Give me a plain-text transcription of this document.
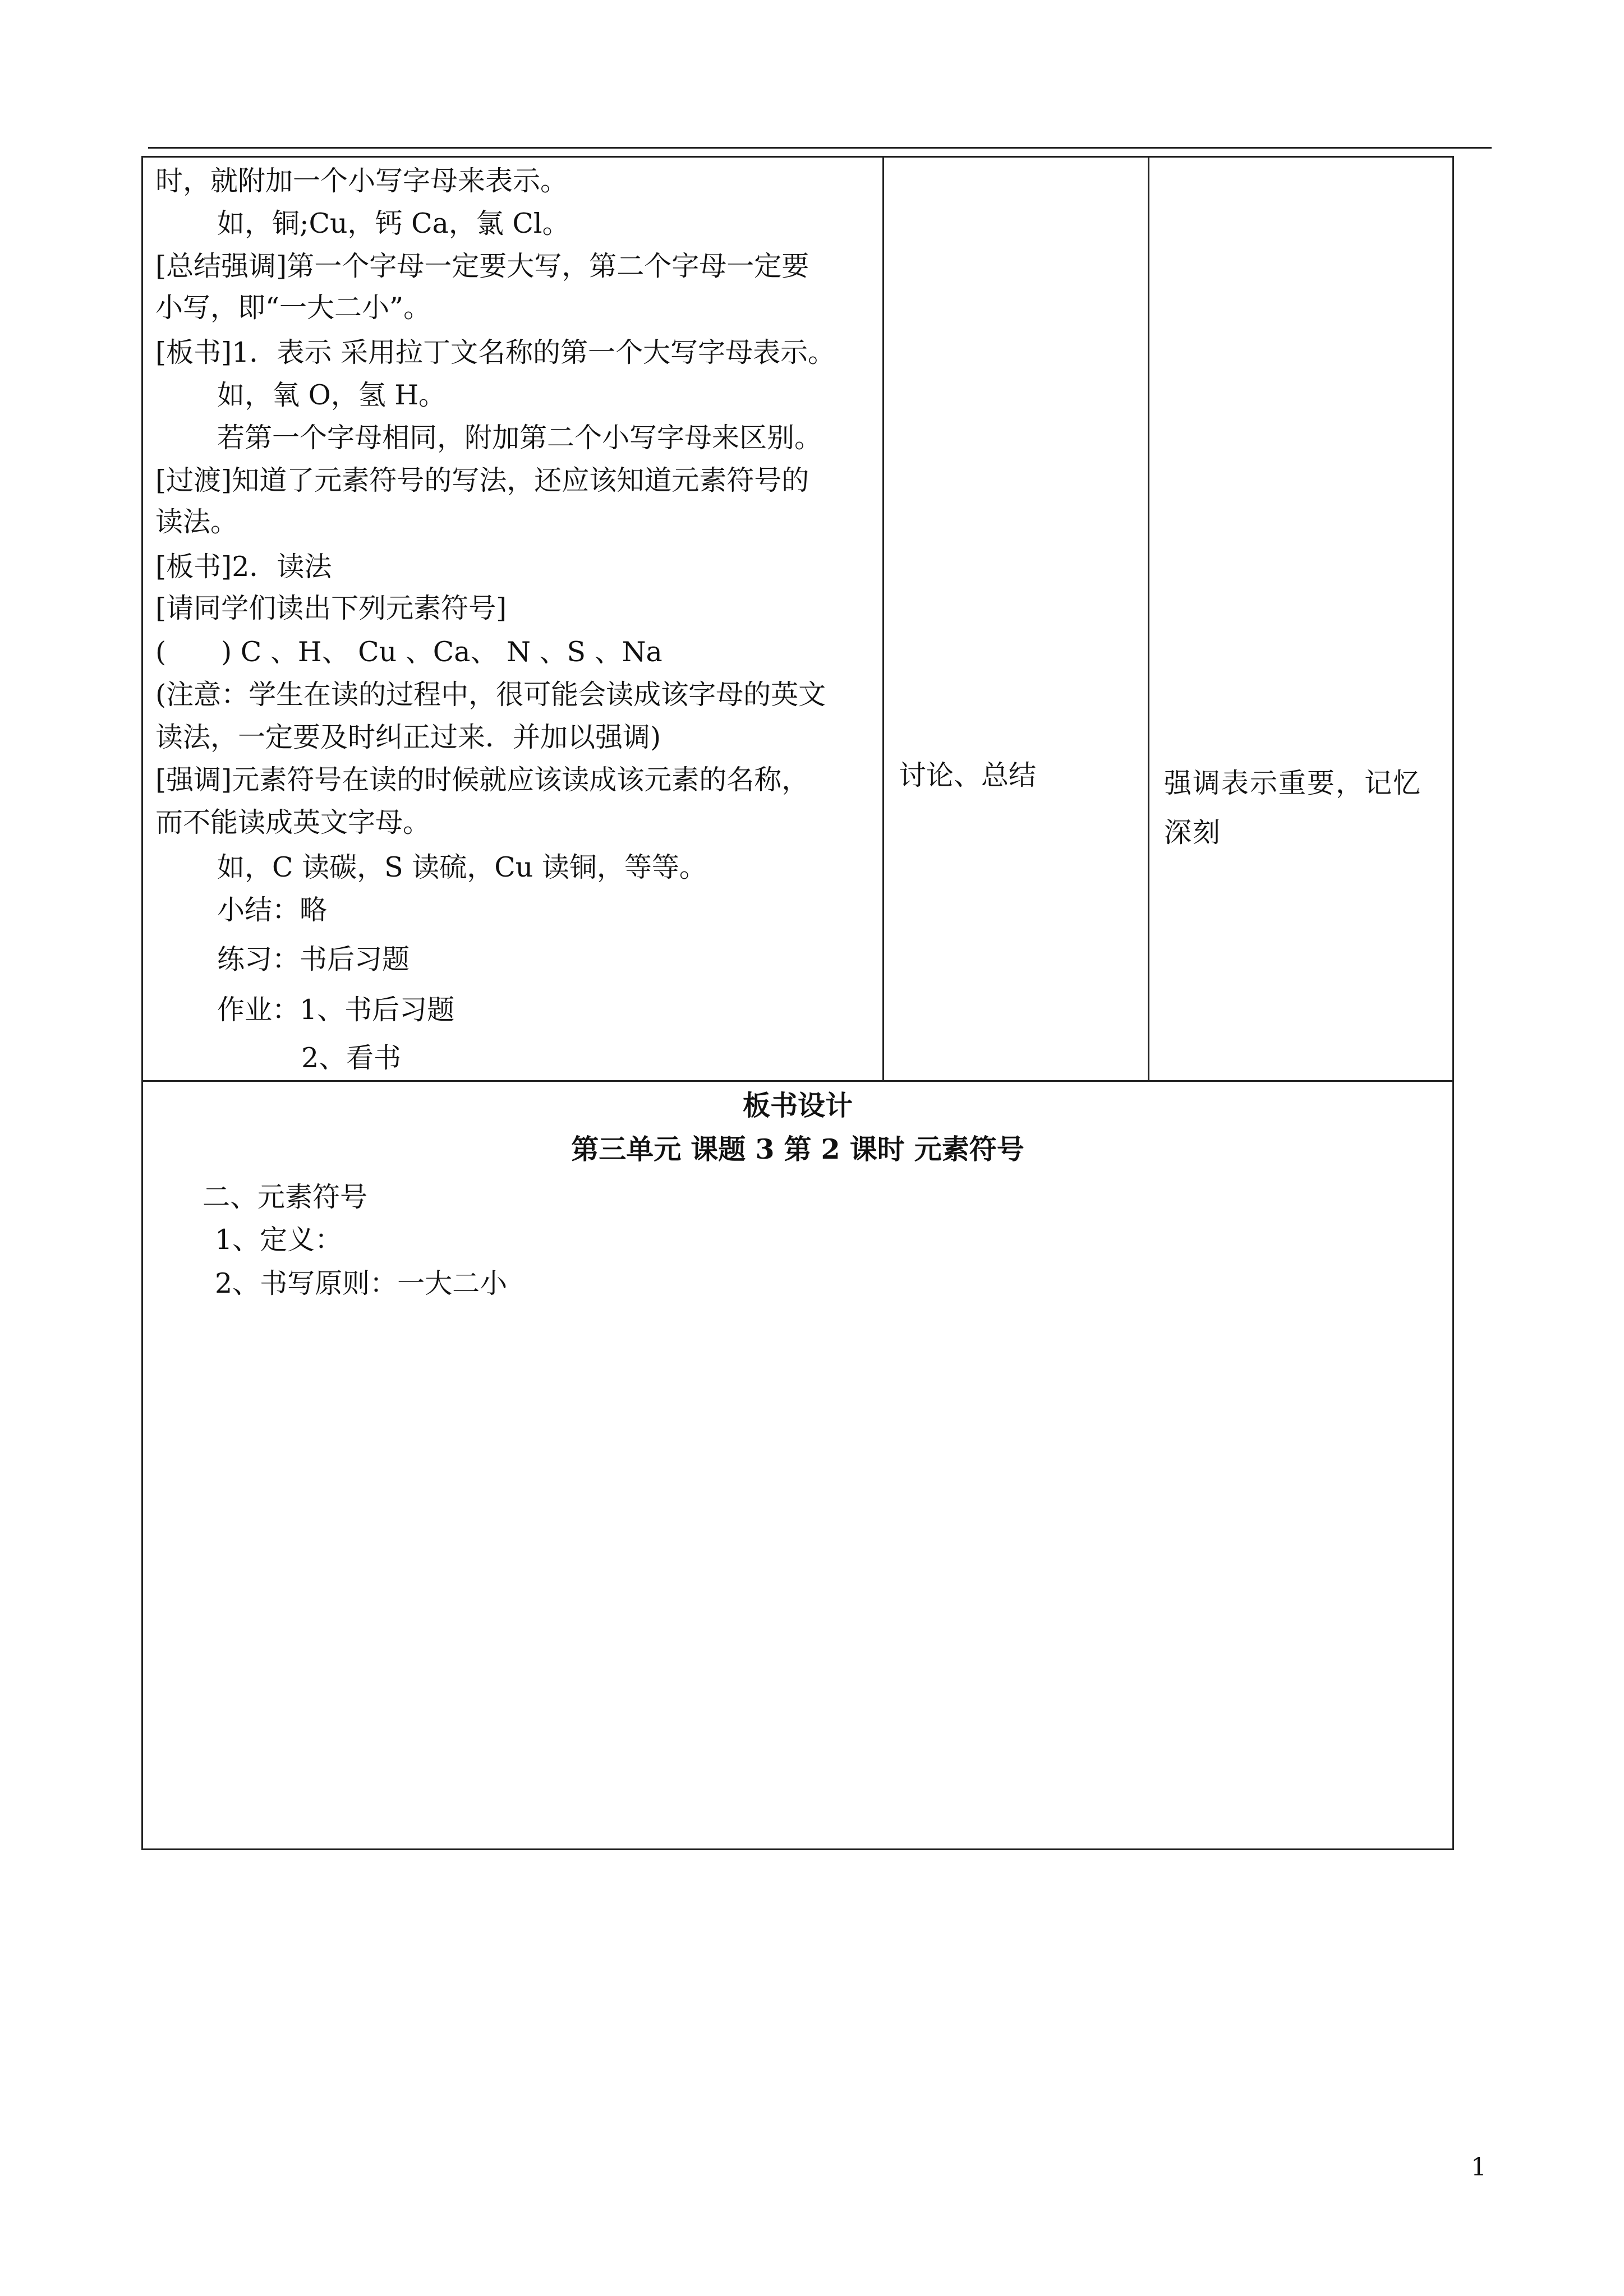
时，就附加一个小写字母来表示。
如，铜;Cu，钙 Ca，氯 Cl。
[总结强调]第一个字母一定要大写，第二个字母一定要
小写，即“一大二小”。
[板书]1．表示 采用拉丁文名称的第一个大写字母表示。
如，氧 O，氢 H。
若第一个字母相同，附加第二个小写字母来区别。
[过渡]知道了元素符号的写法，还应该知道元素符号的
读法。
[板书]2．读法
[请同学们读出下列元素符号]
(　　) C 、H、 Cu 、Ca、 N 、S 、Na
(注意：学生在读的过程中，很可能会读成该字母的英文
读法，一定要及时纠正过来．并加以强调)
[强调]元素符号在读的时候就应该读成该元素的名称，
而不能读成英文字母。
如，C 读碳，S 读硫，Cu 读铜，等等。
小结：略
练习：书后习题
作业：1、书后习题
2、看书

讨论、总结	强调表示重要，记忆深刻

板书设计
第三单元 课题 3 第 2 课时 元素符号
二、元素符号
1、定义：
2、书写原则：一大二小
1
